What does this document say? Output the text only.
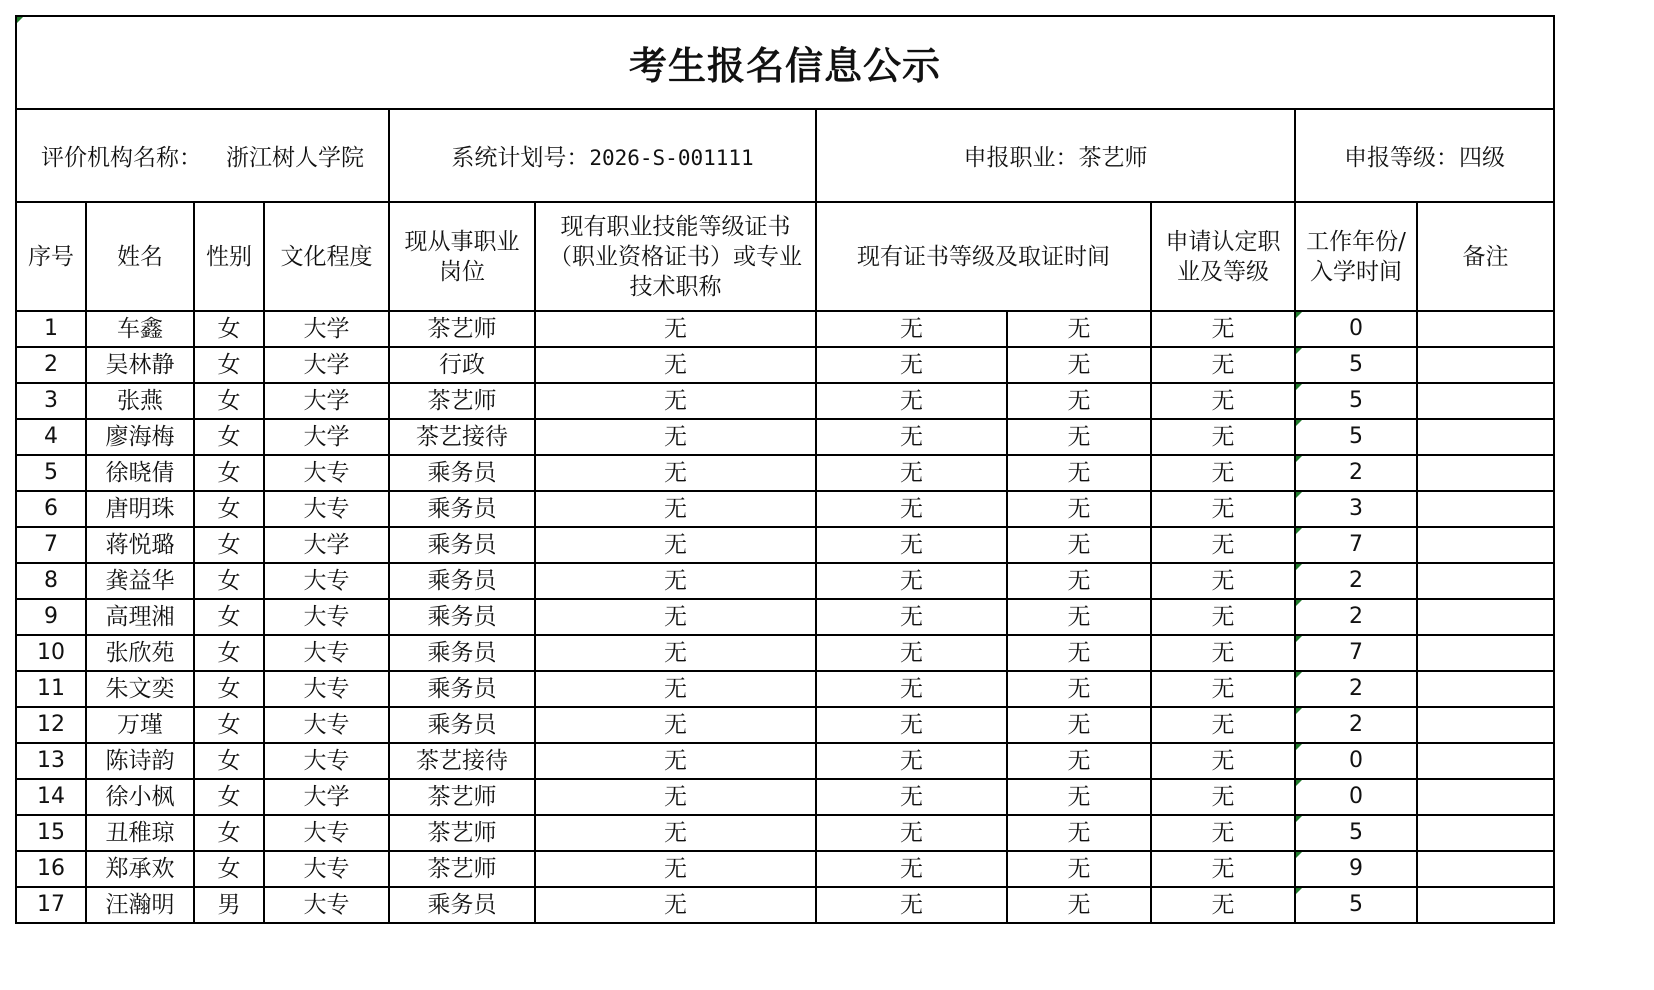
考生报名信息公示										
评价机构名称： 浙江树人学院				系统计划号：2026-S-001111		申报职业：茶艺师			申报等级：四级	
序号	姓名	性别	文化程度	现从事职业岗位	现有职业技能等级证书（职业资格证书）或专业技术职称	现有证书等级及取证时间		申请认定职业及等级	工作年份/入学时间	备注
1	车鑫	女	大学	茶艺师	无	无	无	无	0	
2	吴林静	女	大学	行政	无	无	无	无	5	
3	张燕	女	大学	茶艺师	无	无	无	无	5	
4	廖海梅	女	大学	茶艺接待	无	无	无	无	5	
5	徐晓倩	女	大专	乘务员	无	无	无	无	2	
6	唐明珠	女	大专	乘务员	无	无	无	无	3	
7	蒋悦璐	女	大学	乘务员	无	无	无	无	7	
8	龚益华	女	大专	乘务员	无	无	无	无	2	
9	高理湘	女	大专	乘务员	无	无	无	无	2	
10	张欣苑	女	大专	乘务员	无	无	无	无	7	
11	朱文奕	女	大专	乘务员	无	无	无	无	2	
12	万瑾	女	大专	乘务员	无	无	无	无	2	
13	陈诗韵	女	大专	茶艺接待	无	无	无	无	0	
14	徐小枫	女	大学	茶艺师	无	无	无	无	0	
15	丑稚琼	女	大专	茶艺师	无	无	无	无	5	
16	郑承欢	女	大专	茶艺师	无	无	无	无	9	
17	汪瀚明	男	大专	乘务员	无	无	无	无	5	
